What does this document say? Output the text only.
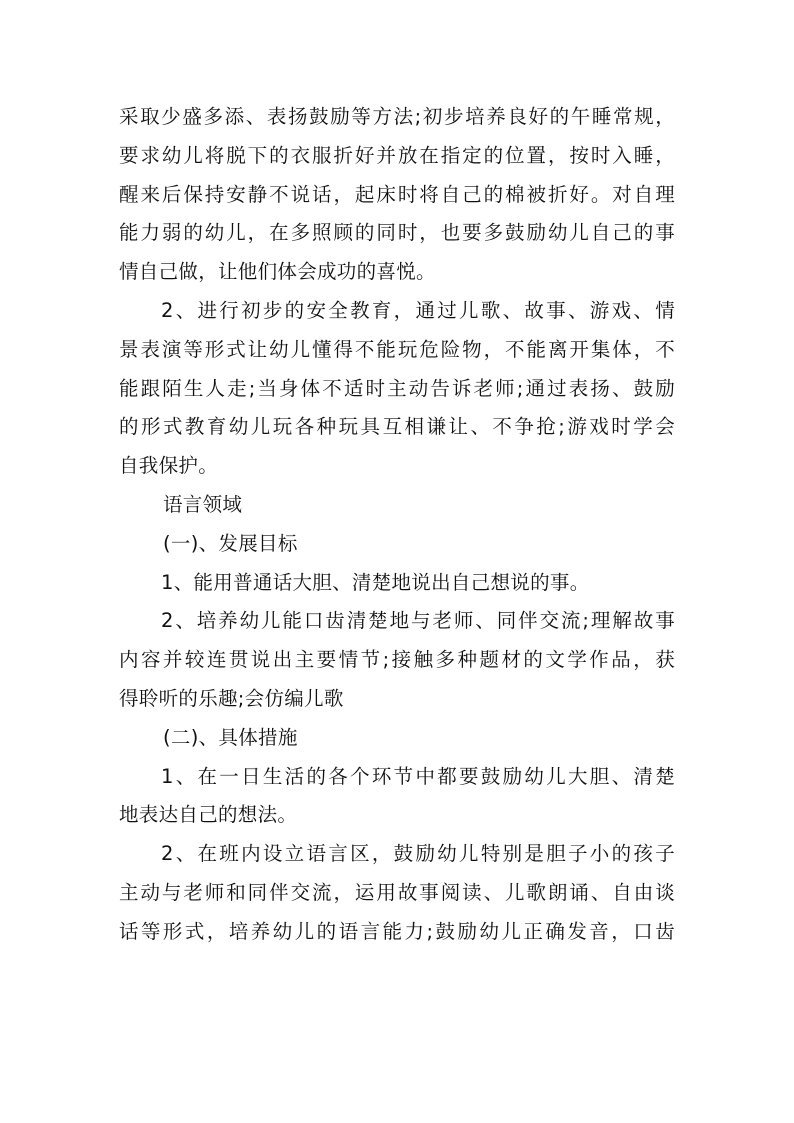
采取少盛多添、表扬鼓励等方法;初步培养良好的午睡常规，
要求幼儿将脱下的衣服折好并放在指定的位置，按时入睡，
醒来后保持安静不说话，起床时将自己的棉被折好。对自理
能力弱的幼儿，在多照顾的同时，也要多鼓励幼儿自己的事
情自己做，让他们体会成功的喜悦。
2、进行初步的安全教育，通过儿歌、故事、游戏、情
景表演等形式让幼儿懂得不能玩危险物，不能离开集体，不
能跟陌生人走;当身体不适时主动告诉老师;通过表扬、鼓励
的形式教育幼儿玩各种玩具互相谦让、不争抢;游戏时学会
自我保护。
语言领域
(一)、发展目标
1、能用普通话大胆、清楚地说出自己想说的事。
2、培养幼儿能口齿清楚地与老师、同伴交流;理解故事
内容并较连贯说出主要情节;接触多种题材的文学作品，获
得聆听的乐趣;会仿编儿歌
(二)、具体措施
1、在一日生活的各个环节中都要鼓励幼儿大胆、清楚
地表达自己的想法。
2、在班内设立语言区，鼓励幼儿特别是胆子小的孩子
主动与老师和同伴交流，运用故事阅读、儿歌朗诵、自由谈
话等形式，培养幼儿的语言能力;鼓励幼儿正确发音，口齿
